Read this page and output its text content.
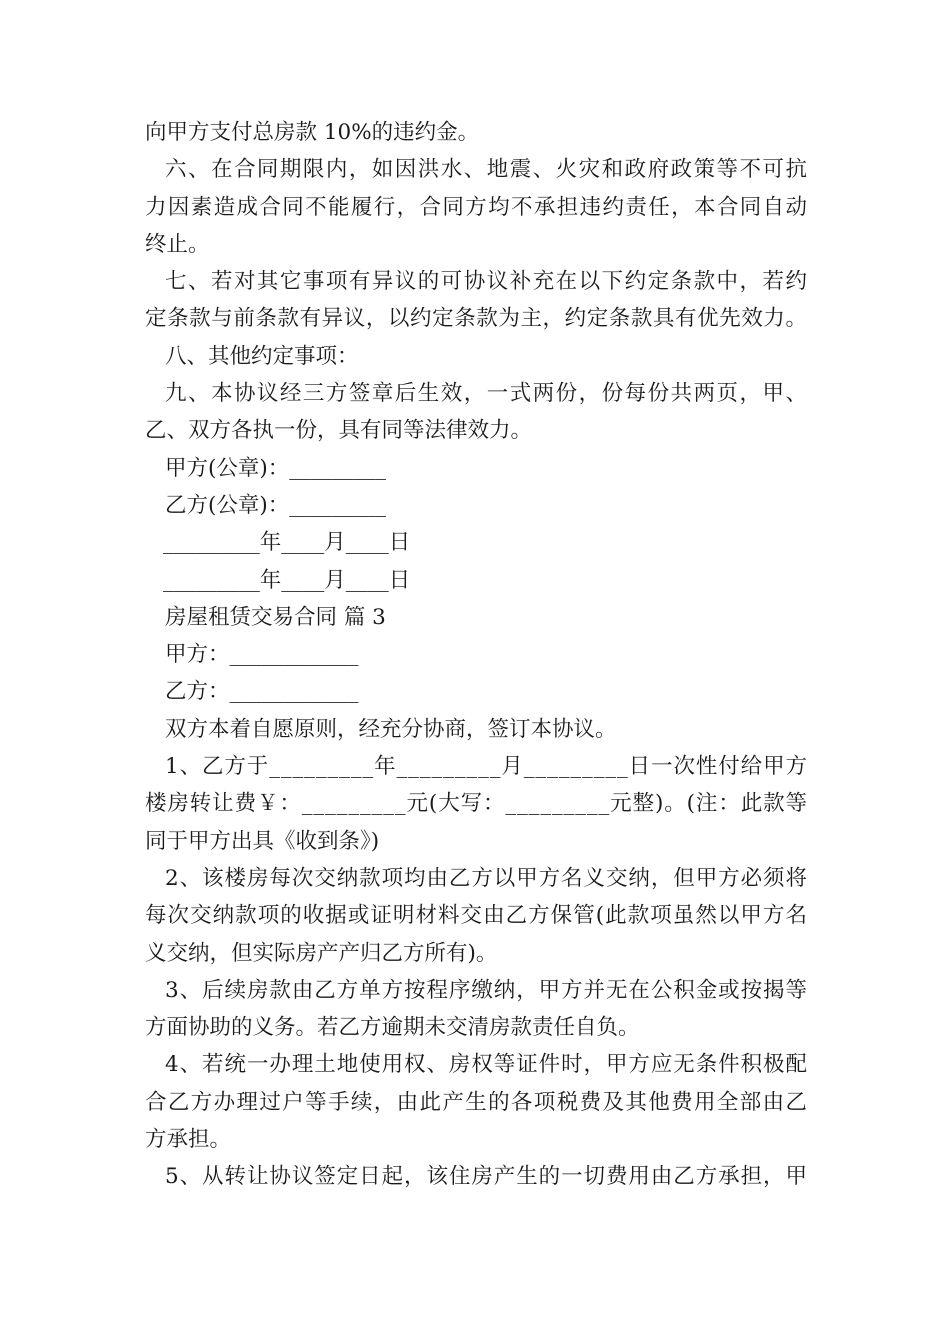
向甲方支付总房款 10%的违约金。
六、在合同期限内，如因洪水、地震、火灾和政府政策等不可抗
力因素造成合同不能履行，合同方均不承担违约责任，本合同自动
终止。
七、若对其它事项有异议的可协议补充在以下约定条款中，若约
定条款与前条款有异议，以约定条款为主，约定条款具有优先效力。
八、其他约定事项：
九、本协议经三方签章后生效，一式两份，份每份共两页，甲、
乙、双方各执一份，具有同等法律效力。
甲方(公章)：_________
乙方(公章)：_________
_________年____月____日
_________年____月____日
房屋租赁交易合同 篇 3
甲方：____________
乙方：____________
双方本着自愿原则，经充分协商，签订本协议。
1、乙方于_________年_________月_________日一次性付给甲方
楼房转让费￥：_________元(大写：_________元整)。(注：此款等
同于甲方出具《收到条》)
2、该楼房每次交纳款项均由乙方以甲方名义交纳，但甲方必须将
每次交纳款项的收据或证明材料交由乙方保管(此款项虽然以甲方名
义交纳，但实际房产产归乙方所有)。
3、后续房款由乙方单方按程序缴纳，甲方并无在公积金或按揭等
方面协助的义务。若乙方逾期未交清房款责任自负。
4、若统一办理土地使用权、房权等证件时，甲方应无条件积极配
合乙方办理过户等手续，由此产生的各项税费及其他费用全部由乙
方承担。
5、从转让协议签定日起，该住房产生的一切费用由乙方承担，甲
